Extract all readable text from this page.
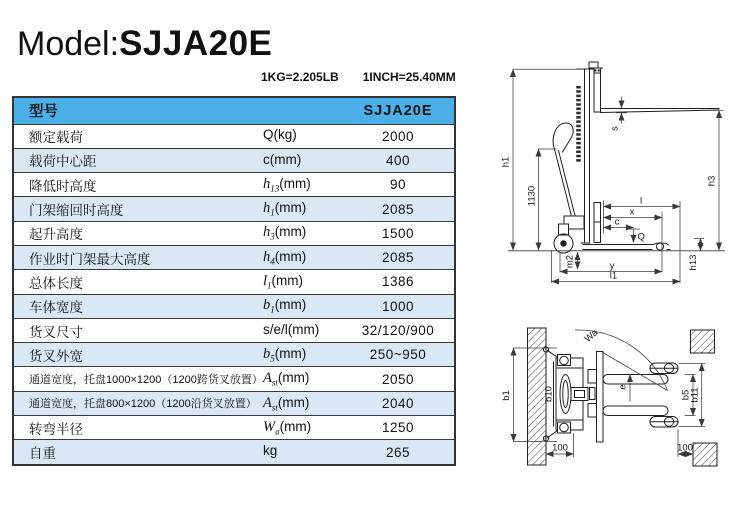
Model:SJJA20E
1KG=2.205LB 1INCH=25.40MM
型号	SJJA20E
额定载荷	Q(kg)	2000
载荷中心距	c(mm)	400
降低时高度	$h_{13}(mm)$	90
门架缩回时高度	$h_1(mm)$	2085
起升高度	$h_3(mm)$	1500
作业时门架最大高度	$h_4(mm)$	2085
总体长度	$l_1(mm)$	1386
车体宽度	$b_1(mm)$	1000
货叉尺寸	s/e/l(mm)	32/120/900
货叉外宽	$b_5(mm)$	250~950
通道宽度，托盘1000×1200（1200跨货叉放置） $A_{st}(mm)$	2050
通道宽度，托盘800×1200（1200沿货叉放置） $A_{st}(mm)$	2040
转弯半径	$W_a(mm)$	1250
自重	kg	265
h1
1130
s
h3
l
x
c
Q
m2	y
l1
h13
b1	b10
Wa
e
b5
b11
100	100
